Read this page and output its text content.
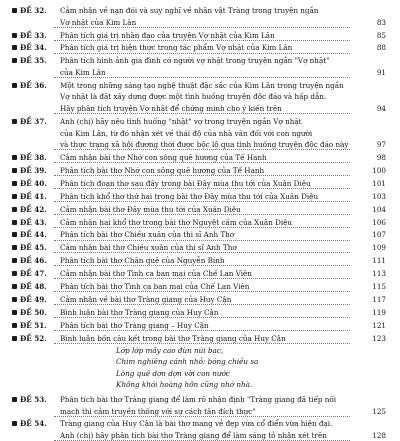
ĐỀ 32. Cảm nhận về nạn đói và suy nghĩ về nhân vật Tràng trong truyện ngắn
Vợ nhặt của Kim Lân	83
ĐỀ 33. Phân tích giá trị nhân đạo của truyện Vợ nhặt của Kim Lân	85
ĐỀ 34. Phân tích giá trị hiện thực trong tác phẩm Vợ nhặt của Kim Lân	88
ĐỀ 35. Phân tích hình ảnh gia đình có người vợ nhặt trong truyện ngắn "Vợ nhặt"
của Kim Lân	91
ĐỀ 36. Một trong những sáng tạo nghệ thuật đặc sắc của Kim Lân trong truyện ngắn
Vợ nhặt là đặt xây dựng được một tình huống truyện độc đáo và hấp dẫn.
Hãy phân tích truyện Vợ nhặt để chứng minh cho ý kiến trên	94
ĐỀ 37. Anh (chị) hãy nêu tình huống "nhặt" vợ trong truyện ngắn Vợ nhặt
của Kim Lân, từ đó nhận xét về thái độ của nhà văn đối với con người
và thực trạng xã hội đương thời được bộc lộ qua tình huống truyện độc đáo này	97
ĐỀ 38. Cảm nhận bài thơ Nhớ con sông quê hương của Tế Hanh	98
ĐỀ 39. Phân tích bài thơ Nhớ con sông quê hương của Tế Hanh	100
ĐỀ 40. Phân tích đoạn thơ sau đây trong bài Đây mùa thu tới của Xuân Diệu	101
ĐỀ 41. Phân tích khổ thơ thứ hai trong bài thơ Đây mùa thu tới của Xuân Diệu	103
ĐỀ 42. Cảm nhận bài thơ Đây mùa thu tới của Xuân Diệu	104
ĐỀ 43. Cảm nhận hai khổ thơ trong bài thơ Nguyệt cầm của Xuân Diệu	106
ĐỀ 44. Phân tích bài thơ Chiều xuân của thi sĩ Anh Thơ	107
ĐỀ 45. Cảm nhận bài thơ Chiều xuân của thi sĩ Anh Thơ	109
ĐỀ 46. Phân tích bài thơ Chân quê của Nguyễn Bính	111
ĐỀ 47. Cảm nhận bài thơ Tình ca ban mai của Chế Lan Viên	113
ĐỀ 48. Phân tích bài thơ Tình ca ban mai của Chế Lan Viên	115
ĐỀ 49. Cảm nhận về bài thơ Tràng giang của Huy Cận	117
ĐỀ 50. Bình luận bài thơ Tràng giang của Huy Cận	119
ĐỀ 51. Phân tích bài thơ Tràng giang – Huy Cận	121
ĐỀ 52. Bình luận bốn câu kết trong bài thơ Tràng giang của Huy Cận	123
Lớp lớp mây cao đùn núi bạc,
Chim nghiêng cánh nhỏ: bóng chiều sa
Lòng quê dợn dợn vời con nước
Không khói hoàng hôn cũng nhớ nhà.
ĐỀ 53. Phân tích bài thơ Tràng giang để làm rõ nhận định "Tràng giang đã tiếp nối
mạch thi cảm truyền thống với sự cách tân đích thực"	125
ĐỀ 54. Tràng giang của Huy Cận là bài thơ mang vẻ đẹp vừa cổ điển vừa hiện đại.
Anh (chị) hãy phân tích bài thơ Tràng giang để làm sáng tỏ nhận xét trên	128
